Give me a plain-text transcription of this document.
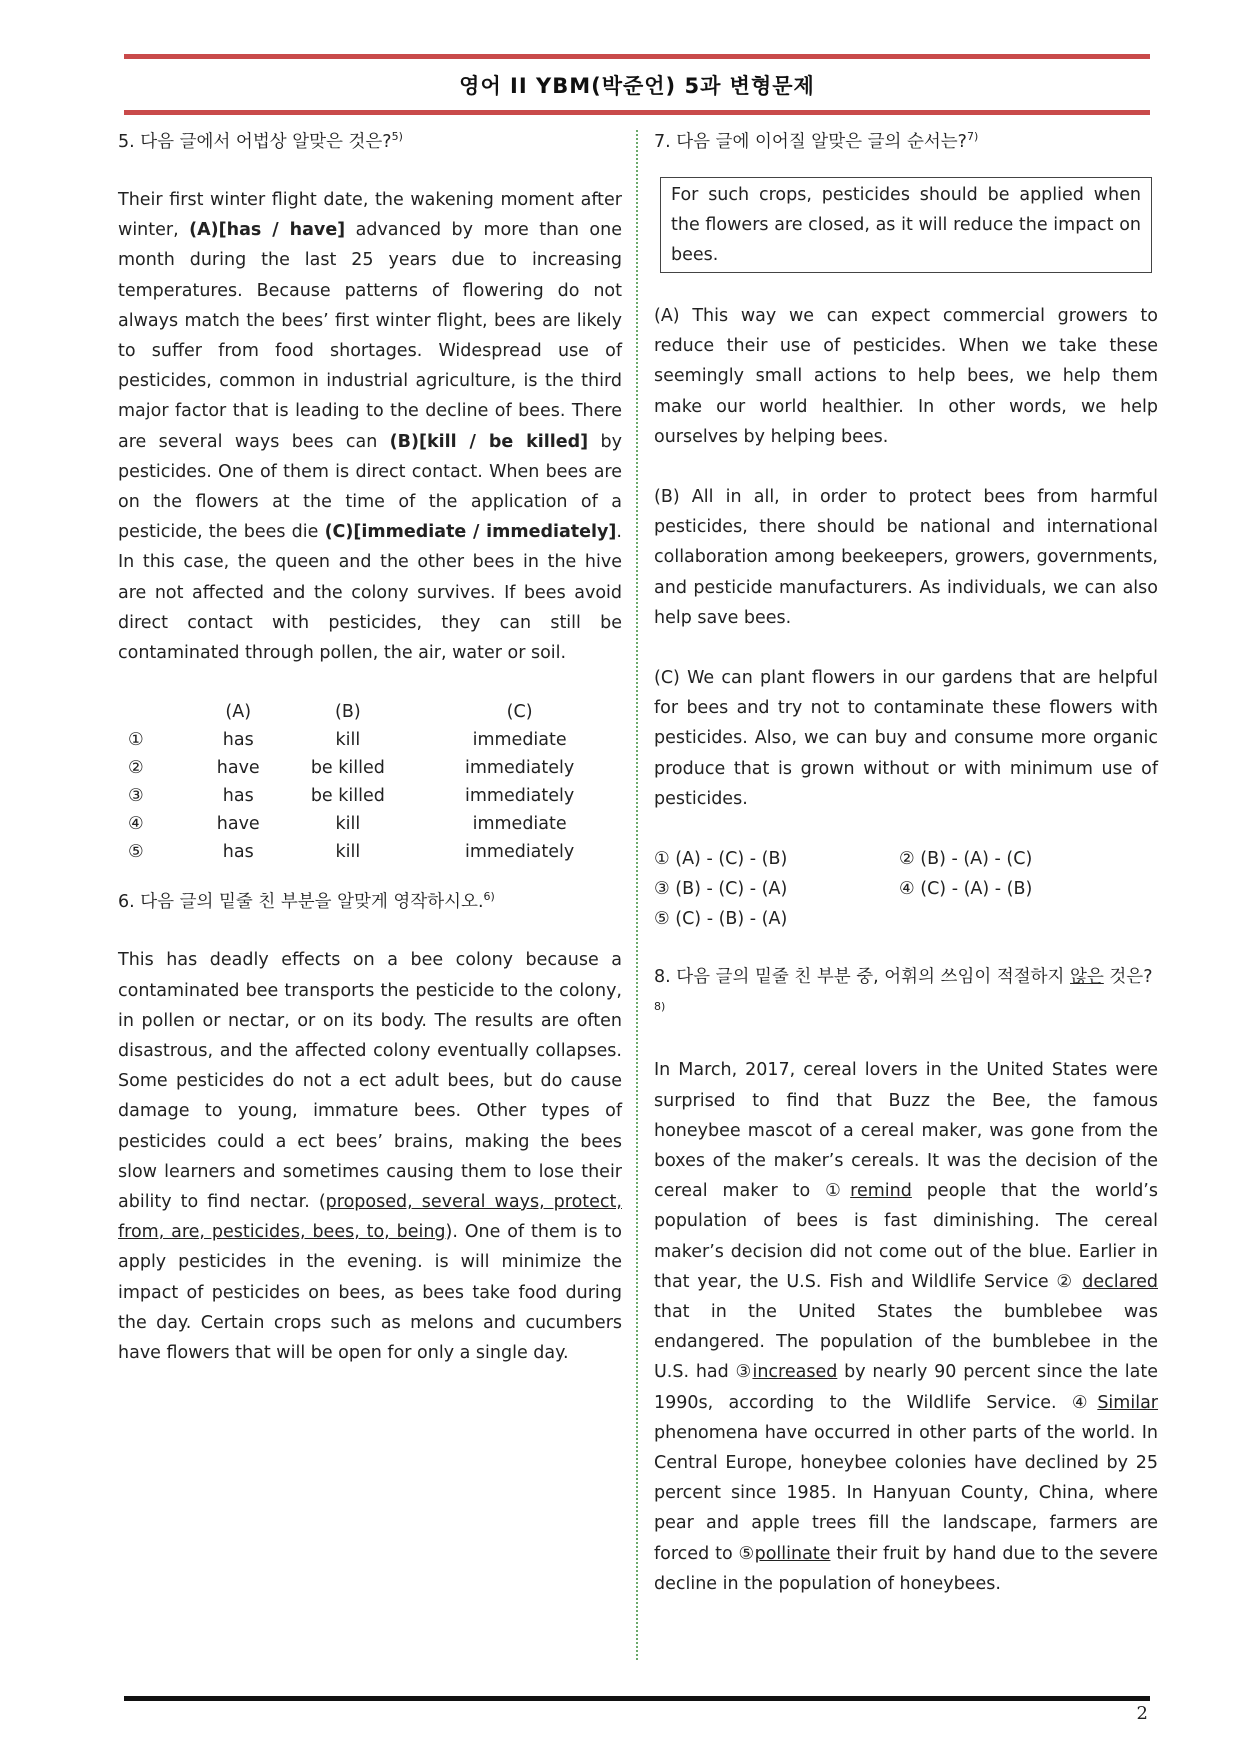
영어 II YBM(박준언) 5과 변형문제
5. 다음 글에서 어법상 알맞은 것은?$^{5)}$

Their first winter flight date, the wakening moment after winter, (A)[has / have] advanced by more than one month during the last 25 years due to increasing temperatures. Because patterns of flowering do not always match the bees’ first winter flight, bees are likely to suffer from food shortages. Widespread use of pesticides, common in industrial agriculture, is the third major factor that is leading to the decline of bees. There are several ways bees can (B)[kill / be killed] by pesticides. One of them is direct contact. When bees are on the flowers at the time of the application of a pesticide, the bees die (C)[immediate / immediately]. In this case, the queen and the other bees in the hive are not affected and the colony survives. If bees avoid direct contact with pesticides, they can still be contaminated through pollen, the air, water or soil.

	(A)	(B)	(C)
①	has	kill	immediate
②	have	be killed	immediately
③	has	be killed	immediately
④	have	kill	immediate
⑤	has	kill	immediately
6. 다음 글의 밑줄 친 부분을 알맞게 영작하시오.$^{6)}$

This has deadly effects on a bee colony because a contaminated bee transports the pesticide to the colony, in pollen or nectar, or on its body. The results are often disastrous, and the affected colony eventually collapses. Some pesticides do not a ect adult bees, but do cause damage to young, immature bees. Other types of pesticides could a ect bees’ brains, making the bees slow learners and sometimes causing them to lose their ability to find nectar. (proposed, several ways, protect, from, are, pesticides, bees, to, being). One of them is to apply pesticides in the evening. is will minimize the impact of pesticides on bees, as bees take food during the day. Certain crops such as melons and cucumbers have flowers that will be open for only a single day.

7. 다음 글에 이어질 알맞은 글의 순서는?$^{7)}$
For such crops, pesticides should be applied when the flowers are closed, as it will reduce the impact on bees.

(A) This way we can expect commercial growers to reduce their use of pesticides. When we take these seemingly small actions to help bees, we help them make our world healthier. In other words, we help ourselves by helping bees.

(B) All in all, in order to protect bees from harmful pesticides, there should be national and international collaboration among beekeepers, growers, governments, and pesticide manufacturers. As individuals, we can also help save bees.

(C) We can plant flowers in our gardens that are helpful for bees and try not to contaminate these flowers with pesticides. Also, we can buy and consume more organic produce that is grown without or with minimum use of pesticides.

① (A) - (C) - (B)	② (B) - (A) - (C)
③ (B) - (C) - (A)	④ (C) - (A) - (B)
⑤ (C) - (B) - (A)
8. 다음 글의 밑줄 친 부분 중, 어휘의 쓰임이 적절하지 않은 것은?$^{8)}$

In March, 2017, cereal lovers in the United States were surprised to find that Buzz the Bee, the famous honeybee mascot of a cereal maker, was gone from the boxes of the maker’s cereals. It was the decision of the cereal maker to ①remind people that the world’s population of bees is fast diminishing. The cereal maker’s decision did not come out of the blue. Earlier in that year, the U.S. Fish and Wildlife Service ② declared that in the United States the bumblebee was endangered. The population of the bumblebee in the U.S. had ③increased by nearly 90 percent since the late 1990s, according to the Wildlife Service. ④Similar phenomena have occurred in other parts of the world. In Central Europe, honeybee colonies have declined by 25 percent since 1985. In Hanyuan County, China, where pear and apple trees fill the landscape, farmers are forced to ⑤pollinate their fruit by hand due to the severe decline in the population of honeybees.

2
